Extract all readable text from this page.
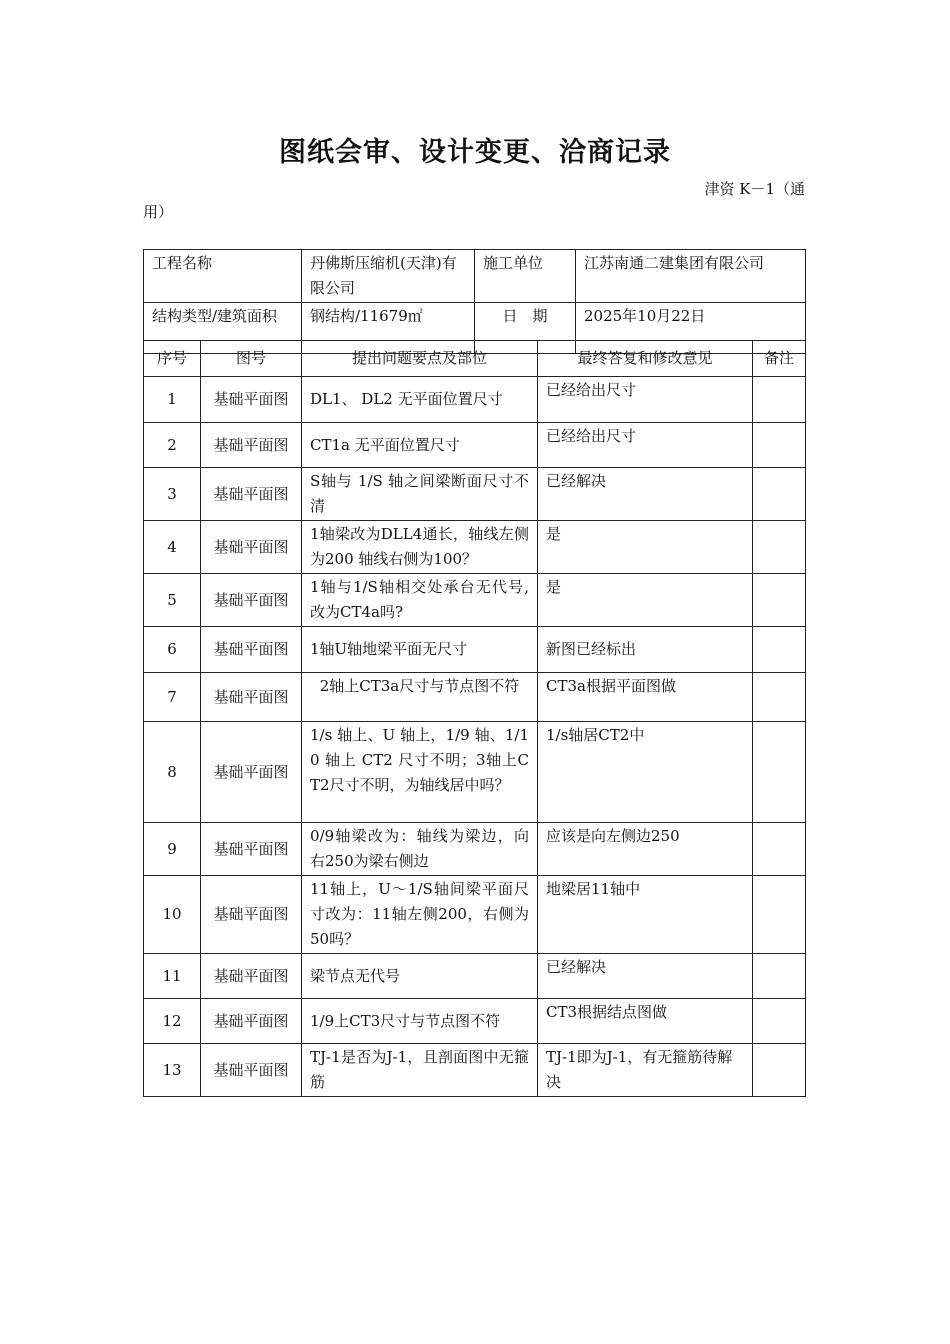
图纸会审、设计变更、洽商记录
津资 K－1（通
用）
工程名称	丹佛斯压缩机(天津)有限公司	施工单位	江苏南通二建集团有限公司
结构类型/建筑面积	钢结构/11679㎡	日　期	2025年10月22日
序号	图号	提出问题要点及部位	最终答复和修改意见	备注
1	基础平面图	DL1、 DL2 无平面位置尺寸	已经给出尺寸	
2	基础平面图	CT1a 无平面位置尺寸	已经给出尺寸	
3	基础平面图	S轴与 1/S 轴之间梁断面尺寸不清	已经解决	
4	基础平面图	1轴梁改为DLL4通长，轴线左侧为200 轴线右侧为100？	是	
5	基础平面图	1轴与1/S轴相交处承台无代号,改为CT4a吗?	是	
6	基础平面图	1轴U轴地梁平面无尺寸	新图已经标出	
7	基础平面图	2轴上CT3a尺寸与节点图不符	CT3a根据平面图做	
8	基础平面图	1/s 轴上、U 轴上，1/9 轴、1/10 轴上 CT2 尺寸不明；3轴上CT2尺寸不明，为轴线居中吗？	1/s轴居CT2中	
9	基础平面图	0/9轴梁改为：轴线为梁边，向右250为梁右侧边	应该是向左侧边250	
10	基础平面图	11轴上，U～1/S轴间梁平面尺寸改为：11轴左侧200，右侧为50吗？	地梁居11轴中	
11	基础平面图	梁节点无代号	已经解决	
12	基础平面图	1/9上CT3尺寸与节点图不符	CT3根据结点图做	
13	基础平面图	TJ-1是否为J-1，且剖面图中无箍筋	TJ-1即为J-1，有无箍筋待解决	
